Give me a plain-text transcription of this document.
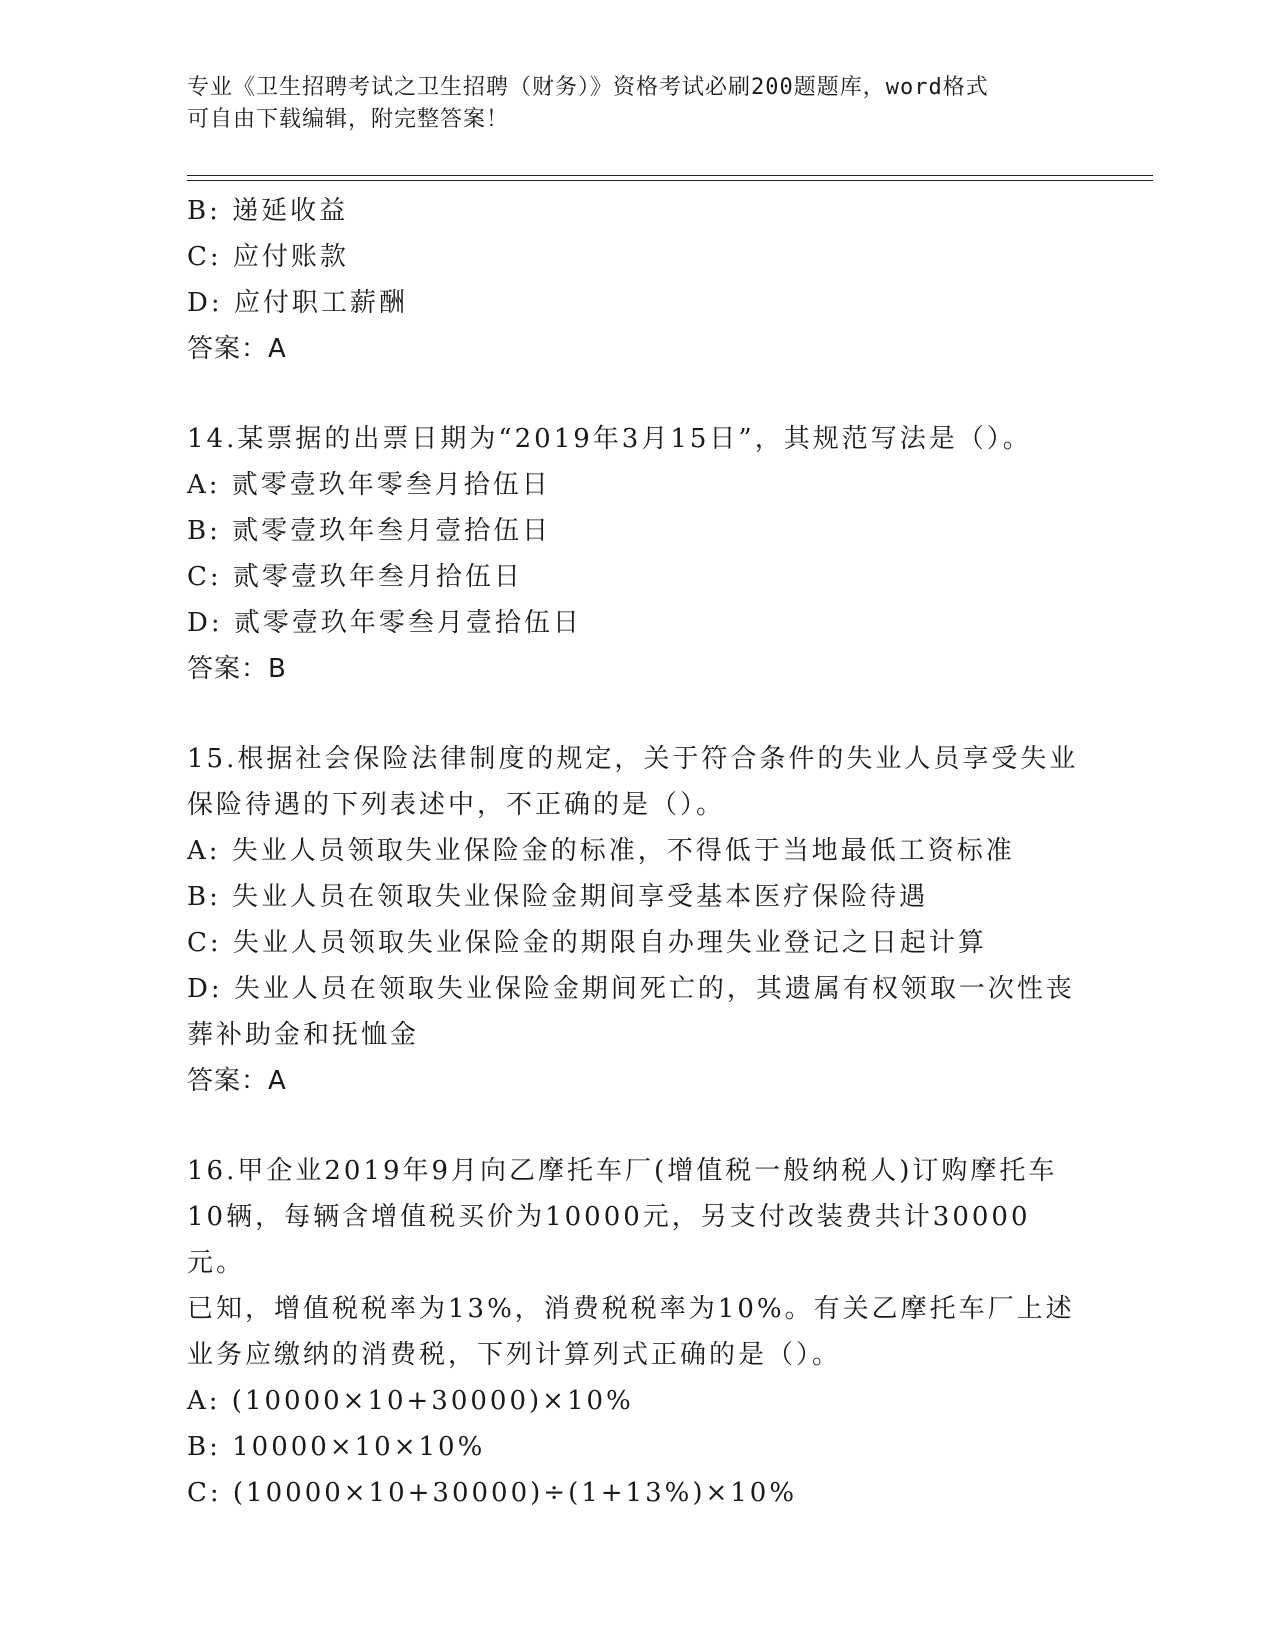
专业《卫生招聘考试之卫生招聘（财务）》资格考试必刷200题题库，word格式
可自由下载编辑，附完整答案！

B: 递延收益

C: 应付账款

D: 应付职工薪酬

答案：A

14.某票据的出票日期为“2019年3月15日”，其规范写法是（）。

A: 贰零壹玖年零叁月拾伍日

B: 贰零壹玖年叁月壹拾伍日

C: 贰零壹玖年叁月拾伍日

D: 贰零壹玖年零叁月壹拾伍日

答案：B

15.根据社会保险法律制度的规定，关于符合条件的失业人员享受失业

保险待遇的下列表述中，不正确的是（）。

A: 失业人员领取失业保险金的标准，不得低于当地最低工资标准

B: 失业人员在领取失业保险金期间享受基本医疗保险待遇

C: 失业人员领取失业保险金的期限自办理失业登记之日起计算

D: 失业人员在领取失业保险金期间死亡的，其遗属有权领取一次性丧

葬补助金和抚恤金

答案：A

16.甲企业2019年9月向乙摩托车厂(增值税一般纳税人)订购摩托车

10辆，每辆含增值税买价为10000元，另支付改装费共计30000元。

已知，增值税税率为13%，消费税税率为10%。有关乙摩托车厂上述

业务应缴纳的消费税，下列计算列式正确的是（）。

A: (10000×10+30000)×10%

B: 10000×10×10%

C: (10000×10+30000)÷(1+13%)×10%
